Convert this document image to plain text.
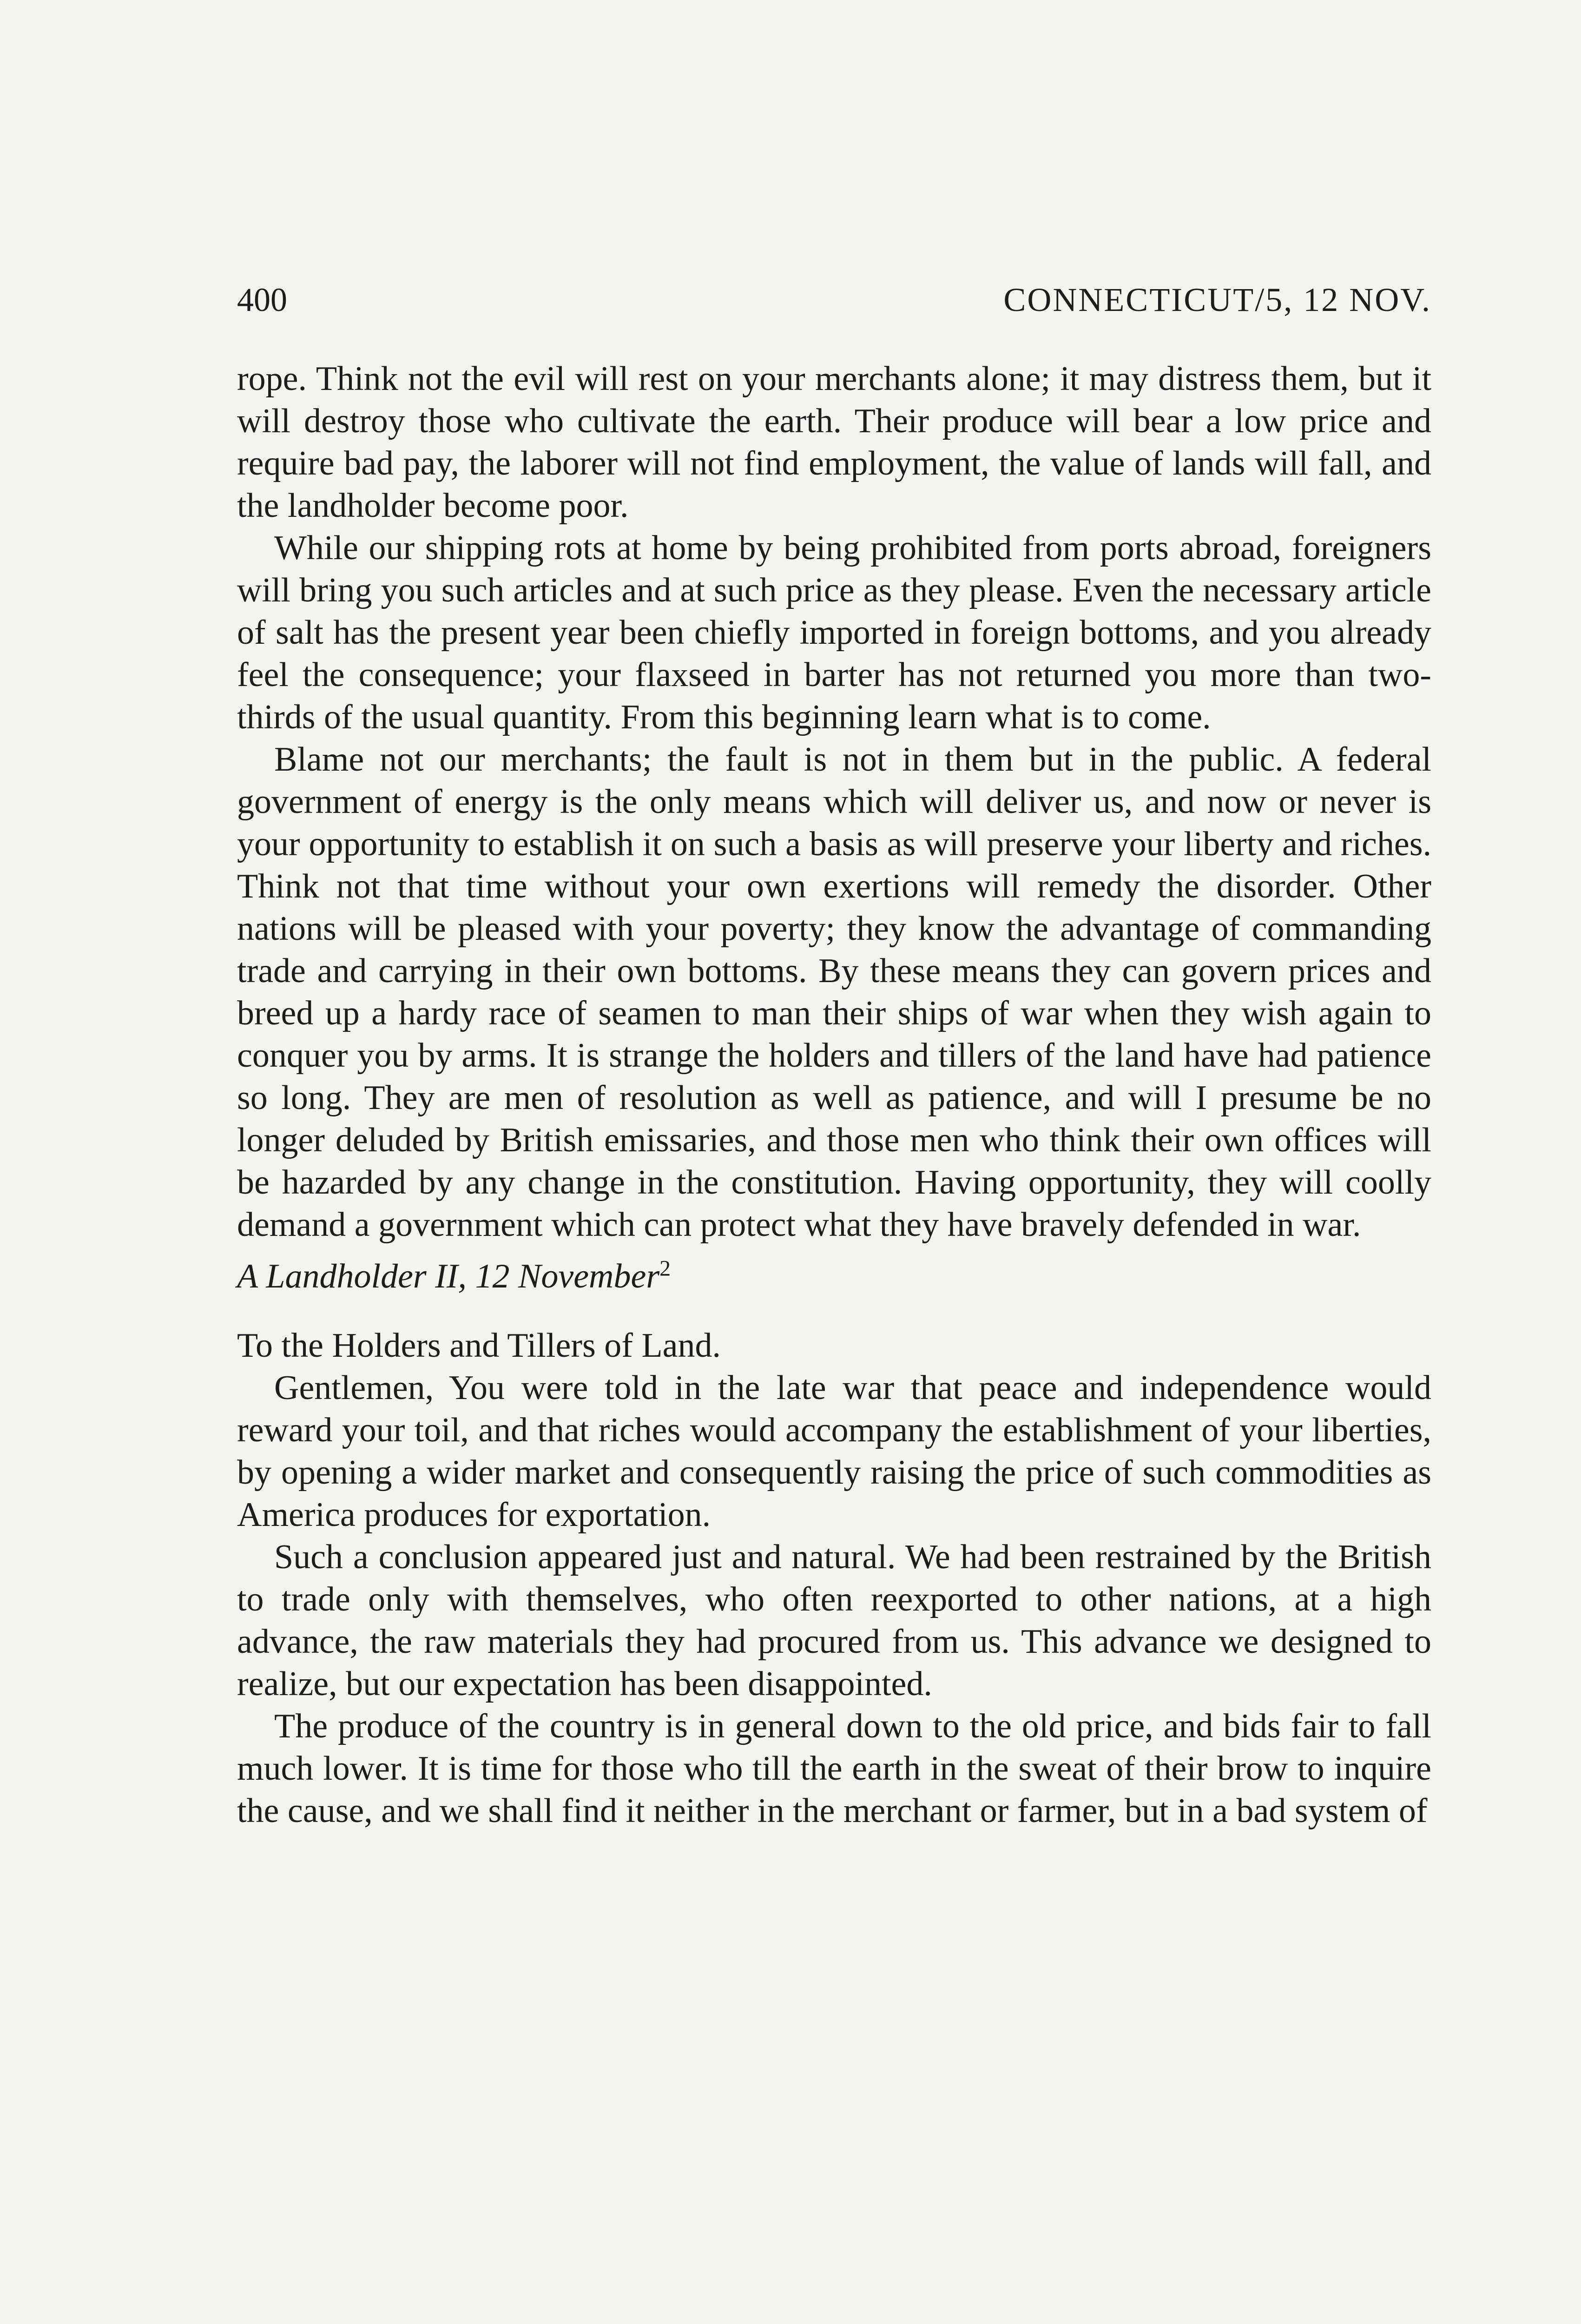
400	CONNECTICUT/5, 12 NOV.

rope. Think not the evil will rest on your merchants alone; it may distress them, but it will destroy those who cultivate the earth. Their produce will bear a low price and require bad pay, the laborer will not find employment, the value of lands will fall, and the landholder become poor.

While our shipping rots at home by being prohibited from ports abroad, foreigners will bring you such articles and at such price as they please. Even the necessary article of salt has the present year been chiefly imported in foreign bottoms, and you already feel the consequence; your flaxseed in barter has not returned you more than two-thirds of the usual quantity. From this beginning learn what is to come.

Blame not our merchants; the fault is not in them but in the public. A federal government of energy is the only means which will deliver us, and now or never is your opportunity to establish it on such a basis as will preserve your liberty and riches. Think not that time without your own exertions will remedy the disorder. Other nations will be pleased with your poverty; they know the advantage of commanding trade and carrying in their own bottoms. By these means they can govern prices and breed up a hardy race of seamen to man their ships of war when they wish again to conquer you by arms. It is strange the holders and tillers of the land have had patience so long. They are men of resolution as well as patience, and will I presume be no longer deluded by British emissaries, and those men who think their own offices will be hazarded by any change in the constitution. Having opportunity, they will coolly demand a government which can protect what they have bravely defended in war.

A Landholder II, 12 November$^2$

To the Holders and Tillers of Land.

Gentlemen, You were told in the late war that peace and independence would reward your toil, and that riches would accompany the establishment of your liberties, by opening a wider market and consequently raising the price of such commodities as America produces for exportation.

Such a conclusion appeared just and natural. We had been restrained by the British to trade only with themselves, who often reexported to other nations, at a high advance, the raw materials they had procured from us. This advance we designed to realize, but our expectation has been disappointed.

The produce of the country is in general down to the old price, and bids fair to fall much lower. It is time for those who till the earth in the sweat of their brow to inquire the cause, and we shall find it neither in the merchant or farmer, but in a bad system of
